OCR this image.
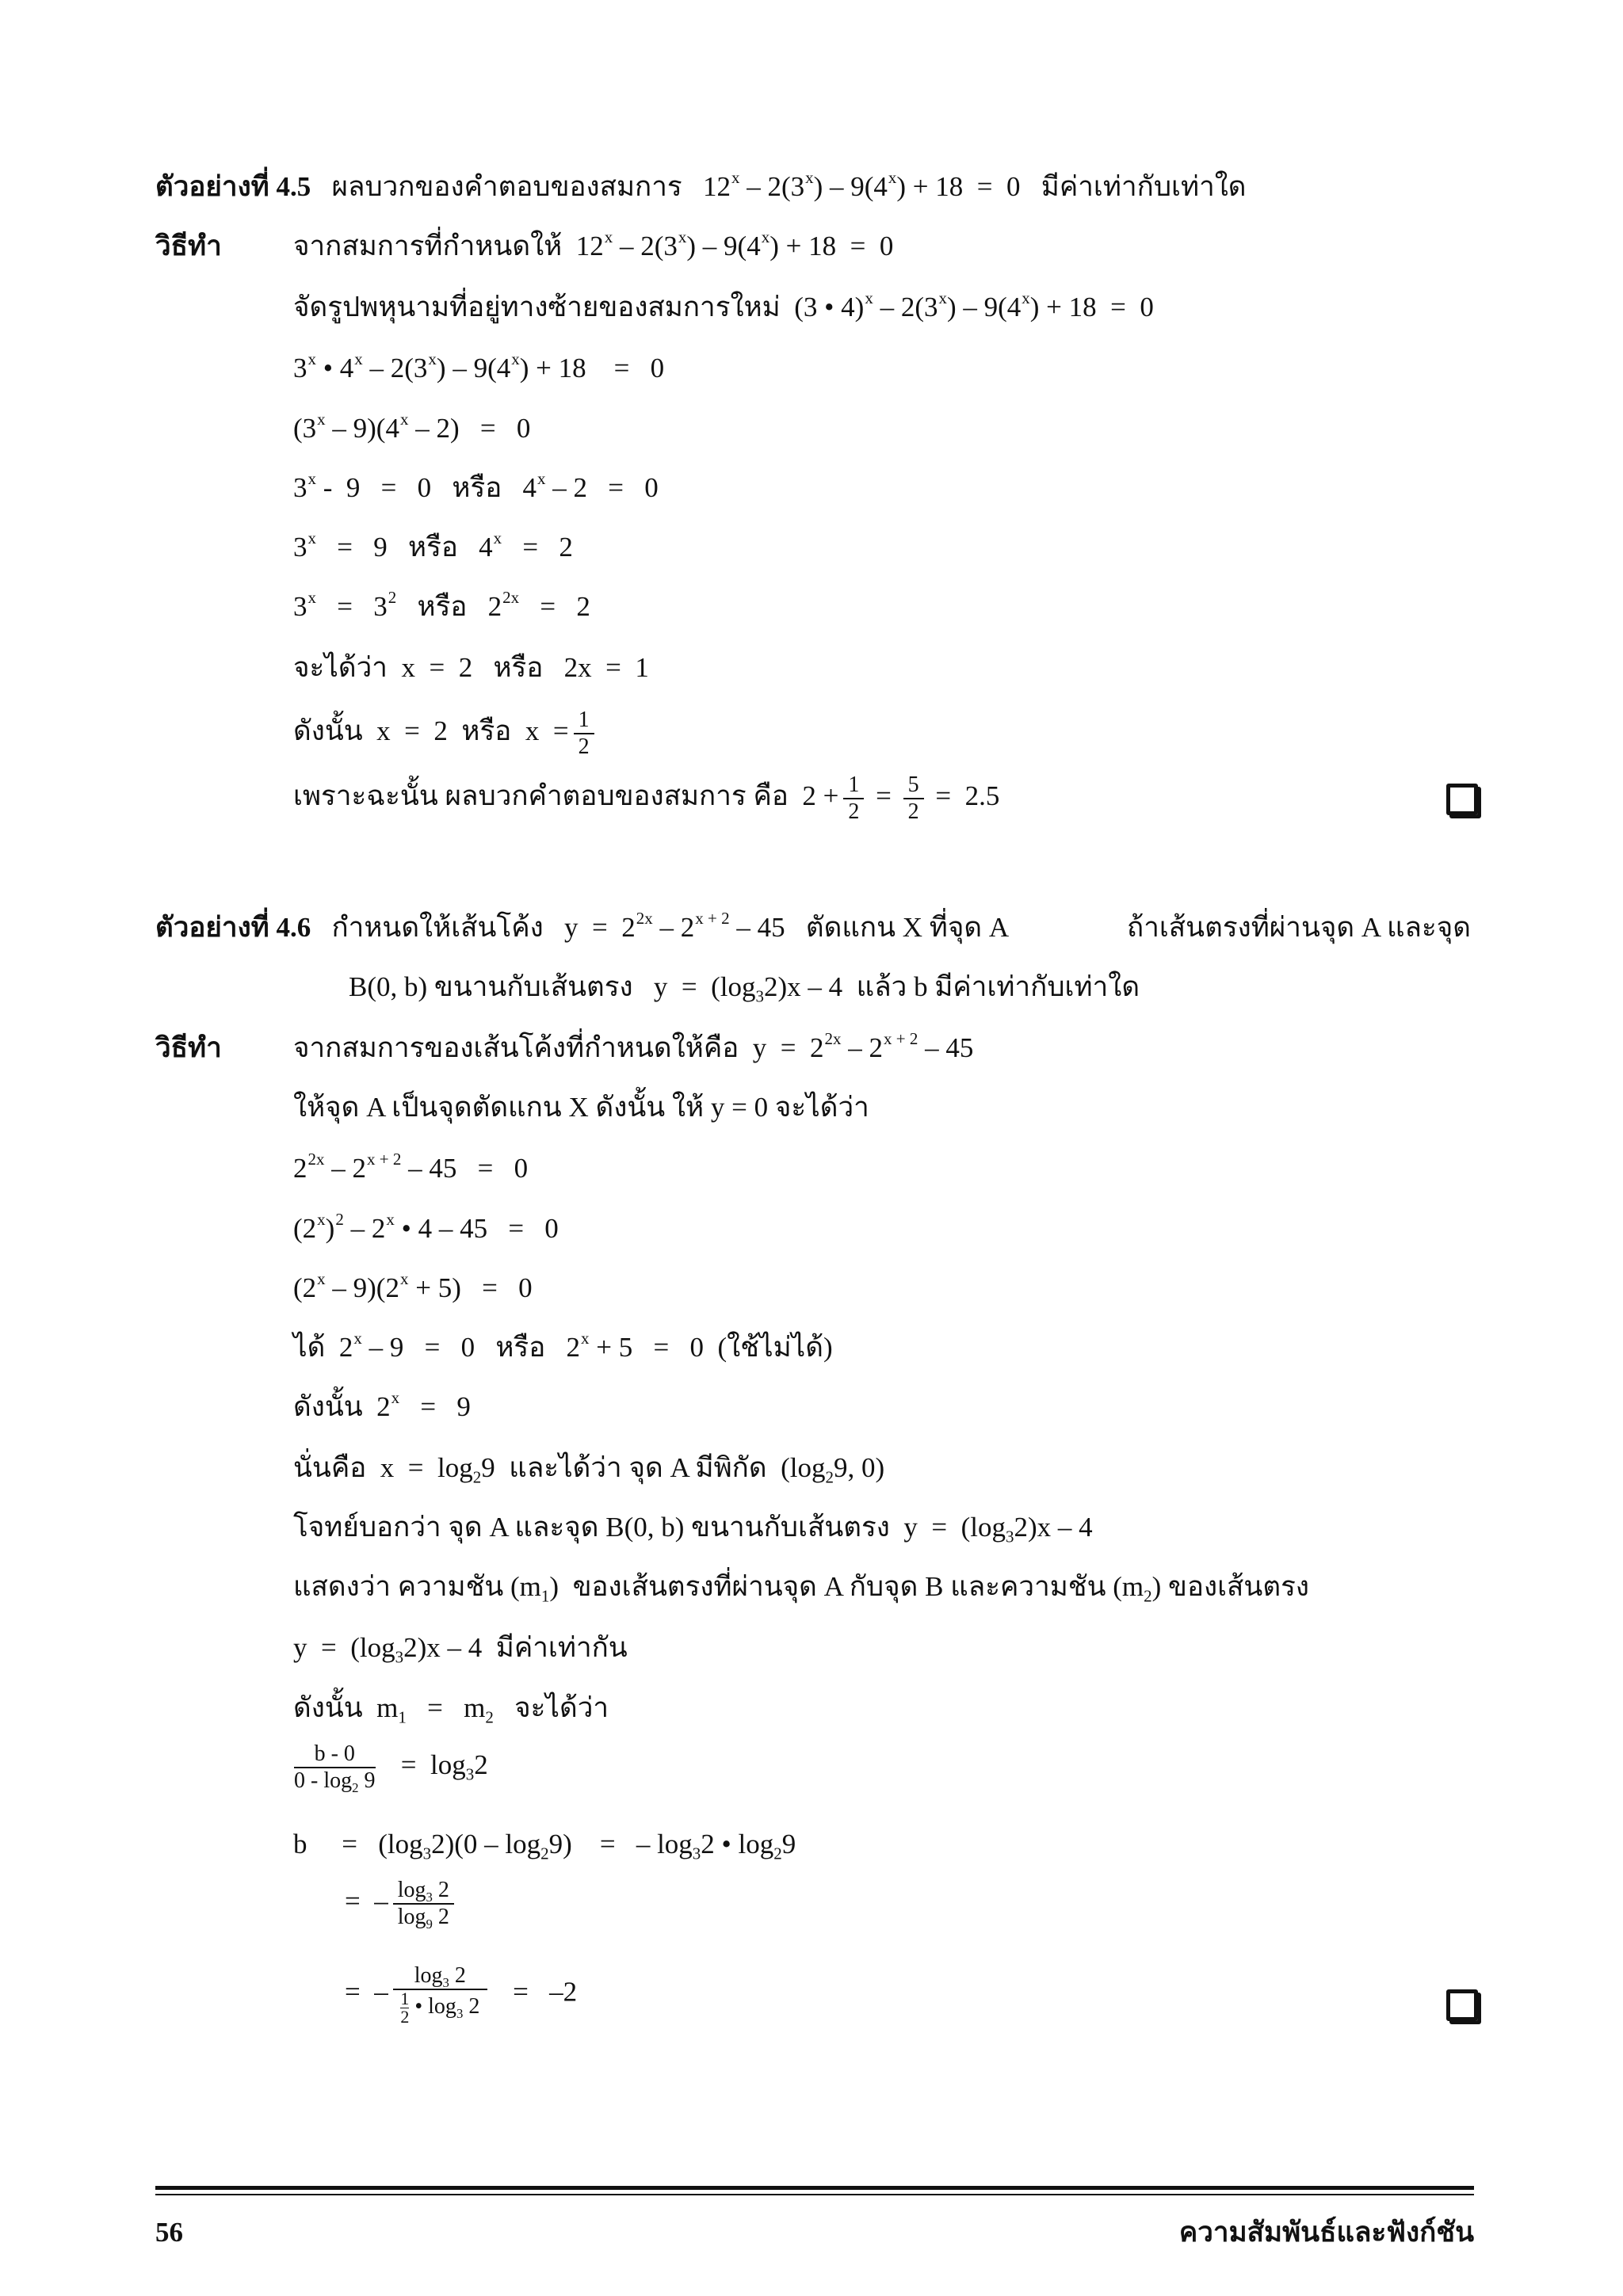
ตัวอย่างที่ 4.5 ผลบวกของคำตอบของสมการ $12^x - 2(3^x) - 9(4^x) + 18 = 0$ มีค่าเท่ากับเท่าใด
วิธีทำ	จากสมการที่กำหนดให้  $12^x - 2(3^x) - 9(4^x) + 18 = 0$
จัดรูปพหุนามที่อยู่ทางซ้ายของสมการใหม่  (3 • $4)^x - 2(3^x) - 9(4^x) + 18 = 0$
3$^x$ • $4^x - 2(3^x) - 9(4^x) + 18$    =   0
(3$^x$ – 9)(4$^x$ – 2)   =   0
3$^x$ -  9   =   0   หรือ   4$^x$ – 2   =   0
3$^x$   =   9   หรือ   4$^x$   =   2
$3^x = 3^2$ หรือ   $2^{2x} = 2$
จะได้ว่า  x  =  2   หรือ   2x  =  1
ดังนั้น  x  =  2  หรือ  $x = \frac{1}{2}$
เพราะฉะนั้น ผลบวกคำตอบของสมการ คือ  $2 + \frac{1}{2} = \frac{5}{2} = 2.5$
ตัวอย่างที่ 4.6 กำหนดให้เส้นโค้ง   $y = 2^{2x} - 2^{x + 2} - 45$   ตัดแกน X ที่จุด A	ถ้าเส้นตรงที่ผ่านจุด A และจุด
B(0, b) ขนานกับเส้นตรง   $y = (\log_32)x - 4$  แล้ว b มีค่าเท่ากับเท่าใด
วิธีทำ	จากสมการของเส้นโค้งที่กำหนดให้คือ  $y = 2^{2x} - 2^{x + 2} - 45$
ให้จุด A เป็นจุดตัดแกน X ดังนั้น ให้ y = 0 จะได้ว่า
$2^{2x} - 2^{x + 2} - 45 = 0$
$(2^x)^2 - 2^x$ • 4 – 45   =   0
$(2^x - 9)(2^x + 5) = 0$
ได้  2$^x$ – 9   =   0   หรือ   $2^x + 5 = 0$  (ใช้ไม่ได้)
ดังนั้น  2$^x$   =   9
นั่นคือ  $x = \log_29$  และได้ว่า จุด A มีพิกัด  ($\log_29$, 0)
โจทย์บอกว่า จุด A และจุด B(0, b) ขนานกับเส้นตรง  $y = (\log_32)x - 4$
แสดงว่า ความชัน $(m_1)$  ของเส้นตรงที่ผ่านจุด A กับจุด B และความชัน $(m_2)$ ของเส้นตรง
$y = (\log_32)x - 4$  มีค่าเท่ากัน
ดังนั้น  $m_1 = m_2$ จะได้ว่า
$\frac{b - 0}{0 - \log_2 9} = \log_32$
b     =   $(\log_32)(0 - \log_29)$    =   – $\log_32$ • $\log_29$
=  – $\frac{\log_3 2}{\log_9 2}$
=  – $\frac{\log_3 2}{\frac{1}{2} • \log_3 2} = -2$
56	ความสัมพันธ์และฟังก์ชัน
